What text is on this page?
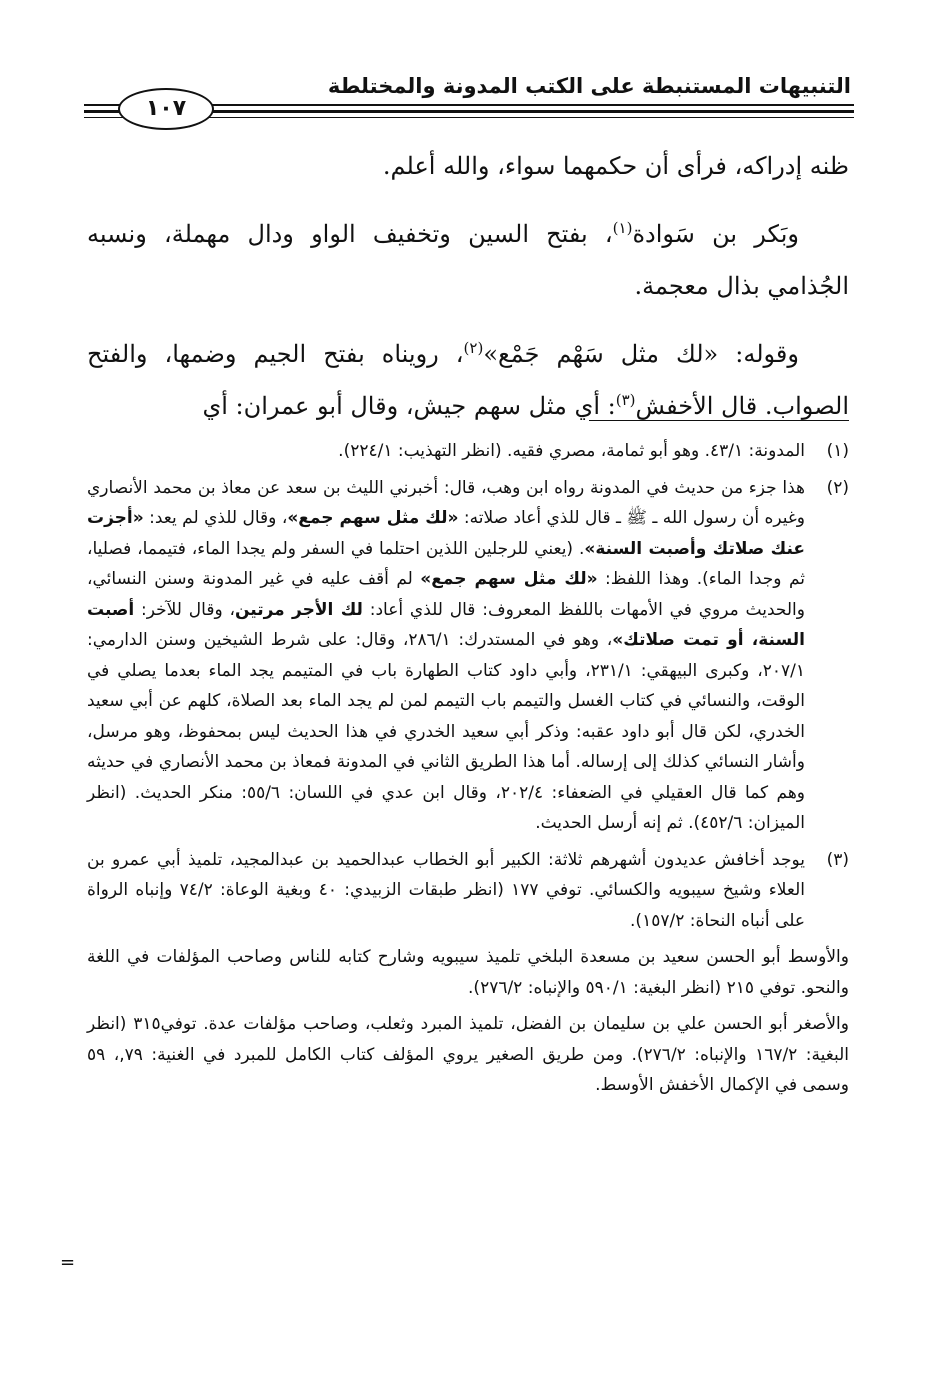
التنبيهات المستنبطة على الكتب المدونة والمختلطة
١٠٧

ظنه إدراكه، فرأى أن حكمهما سواء، والله أعلم.

وبَكر بن سَوادة$^{(١)}$، بفتح السين وتخفيف الواو ودال مهملة، ونسبه الجُذامي بذال معجمة.

وقوله: «لك مثل سَهْم جَمْع»$^{(٢)}$، رويناه بفتح الجيم وضمها، والفتح الصواب. قال الأخفش$^{(٣)}$: أي مثل سهم جيش، وقال أبو عمران: أي

(١)
المدونة: ٤٣/١. وهو أبو ثمامة، مصري فقيه. (انظر التهذيب: ٢٢٤/١).
(٢)
هذا جزء من حديث في المدونة رواه ابن وهب، قال: أخبرني الليث بن سعد عن معاذ بن محمد الأنصاري وغيره أن رسول الله ـ ﷺ ـ قال للذي أعاد صلاته: «لك مثل سهم جمع»، وقال للذي لم يعد: «أجزت عنك صلاتك وأصبت السنة». (يعني للرجلين اللذين احتلما في السفر ولم يجدا الماء، فتيمما، فصليا، ثم وجدا الماء). وهذا اللفظ: «لك مثل سهم جمع» لم أقف عليه في غير المدونة وسنن النسائي، والحديث مروي في الأمهات باللفظ المعروف: قال للذي أعاد: لك الأجر مرتين، وقال للآخر: أصبت السنة، أو تمت صلاتك»، وهو في المستدرك: ٢٨٦/١، وقال: على شرط الشيخين وسنن الدارمي: ٢٠٧/١، وكبرى البيهقي: ٢٣١/١، وأبي داود كتاب الطهارة باب في المتيمم يجد الماء بعدما يصلي في الوقت، والنسائي في كتاب الغسل والتيمم باب التيمم لمن لم يجد الماء بعد الصلاة، كلهم عن أبي سعيد الخدري، لكن قال أبو داود عقبه: وذكر أبي سعيد الخدري في هذا الحديث ليس بمحفوظ، وهو مرسل، وأشار النسائي كذلك إلى إرساله. أما هذا الطريق الثاني في المدونة فمعاذ بن محمد الأنصاري في حديثه وهم كما قال العقيلي في الضعفاء: ٢٠٢/٤، وقال ابن عدي في اللسان: ٥٥/٦: منكر الحديث. (انظر الميزان: ٤٥٢/٦). ثم إنه أرسل الحديث.
(٣)
يوجد أخافش عديدون أشهرهم ثلاثة: الكبير أبو الخطاب عبدالحميد بن عبدالمجيد، تلميذ أبي عمرو بن العلاء وشيخ سيبويه والكسائي. توفي ١٧٧ (انظر طبقات الزبيدي: ٤٠ وبغية الوعاة: ٧٤/٢ وإنباه الرواة على أنباه النحاة: ١٥٧/٢).

والأوسط أبو الحسن سعيد بن مسعدة البلخي تلميذ سيبويه وشارح كتابه للناس وصاحب المؤلفات في اللغة والنحو. توفي ٢١٥ (انظر البغية: ٥٩٠/١ والإنباه: ٢٧٦/٢).

والأصغر أبو الحسن علي بن سليمان بن الفضل، تلميذ المبرد وثعلب، وصاحب مؤلفات عدة. توفي٣١٥ (انظر البغية: ١٦٧/٢ والإنباه: ٢٧٦/٢). ومن طريق الصغير يروي المؤلف كتاب الكامل للمبرد في الغنية: ٧٩,، ٥٩ وسمى في الإكمال الأخفش الأوسط.

=
